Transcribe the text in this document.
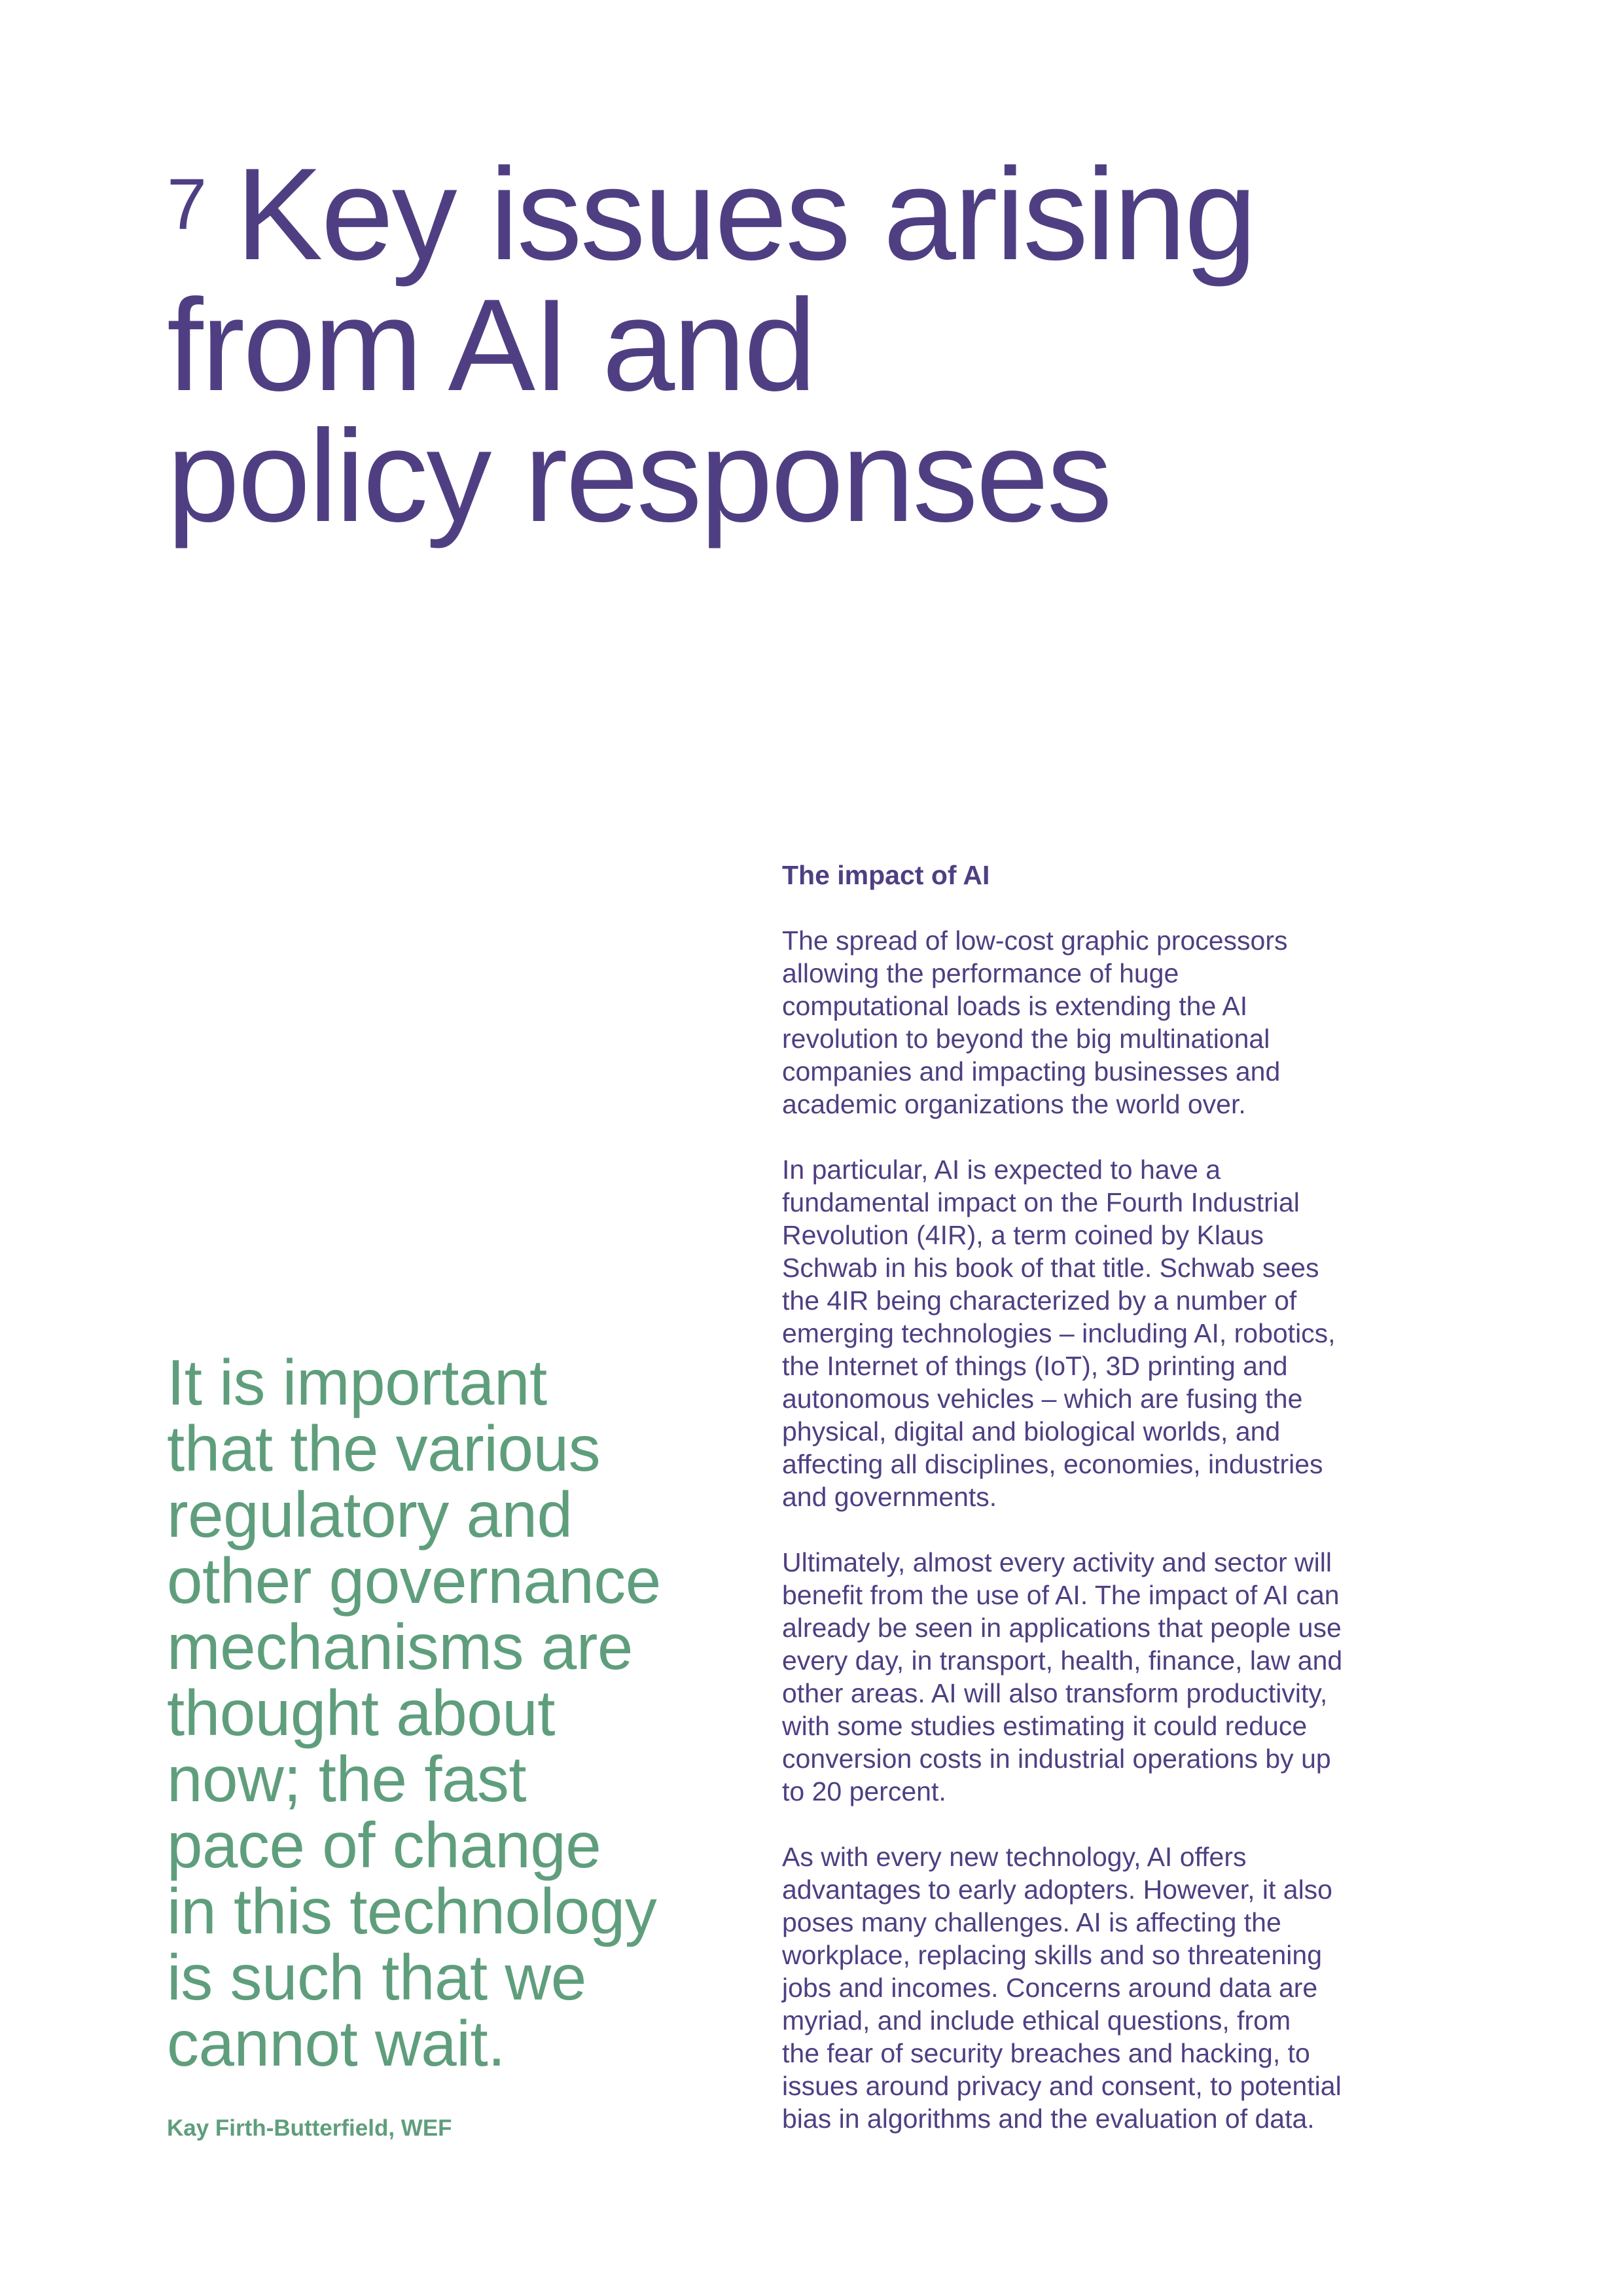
7 Key issues arising
from AI and
policy responses
It is important
that the various
regulatory and
other governance
mechanisms are
thought about
now; the fast
pace of change
in this technology
is such that we
cannot wait.

Kay Firth-Butterfield, WEF

The impact of AI

The spread of low-cost graphic processors
allowing the performance of huge
computational loads is extending the AI
revolution to beyond the big multinational
companies and impacting businesses and
academic organizations the world over.

In particular, AI is expected to have a
fundamental impact on the Fourth Industrial
Revolution (4IR), a term coined by Klaus
Schwab in his book of that title. Schwab sees
the 4IR being characterized by a number of
emerging technologies – including AI, robotics,
the Internet of things (IoT), 3D printing and
autonomous vehicles – which are fusing the
physical, digital and biological worlds, and
affecting all disciplines, economies, industries
and governments.

Ultimately, almost every activity and sector will
benefit from the use of AI. The impact of AI can
already be seen in applications that people use
every day, in transport, health, finance, law and
other areas. AI will also transform productivity,
with some studies estimating it could reduce
conversion costs in industrial operations by up
to 20 percent.

As with every new technology, AI offers
advantages to early adopters. However, it also
poses many challenges. AI is affecting the
workplace, replacing skills and so threatening
jobs and incomes. Concerns around data are
myriad, and include ethical questions, from
the fear of security breaches and hacking, to
issues around privacy and consent, to potential
bias in algorithms and the evaluation of data.
